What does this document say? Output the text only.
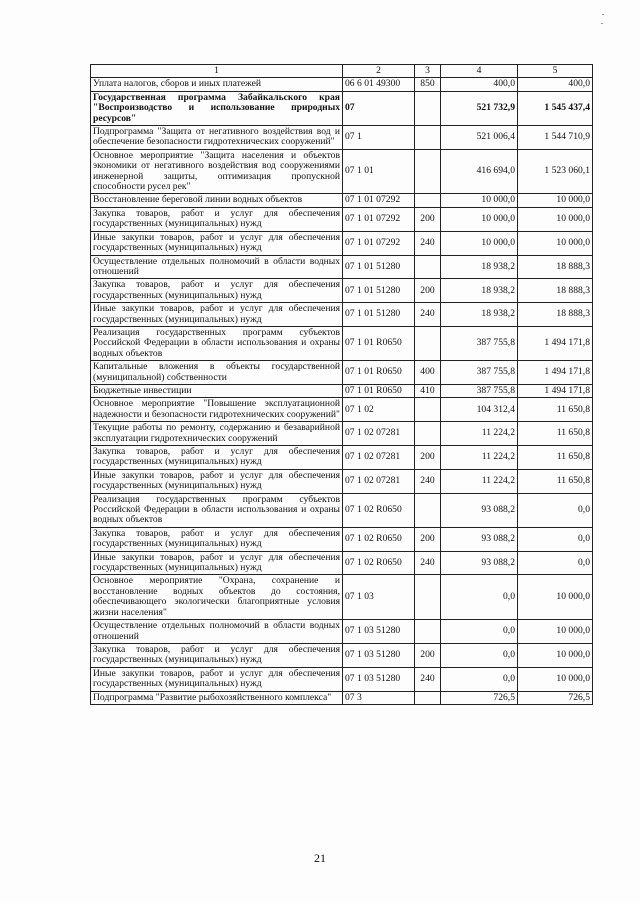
1	2	3	4	5
Уплата налогов, сборов и иных платежей	06 6 01 49300	850	400,0	400,0
Государственная программа Забайкальского края "Воспроизводство и использование природных ресурсов"	07		521 732,9	1 545 437,4
Подпрограмма "Защита от негативного воздействия вод и обеспечение безопасности гидротехнических сооружений"	07 1		521 006,4	1 544 710,9
Основное мероприятие "Защита населения и объектов экономики от негативного воздействия вод сооружениями инженерной защиты, оптимизация пропускной способности русел рек"	07 1 01		416 694,0	1 523 060,1
Восстановление береговой линии водных объектов	07 1 01 07292		10 000,0	10 000,0
Закупка товаров, работ и услуг для обеспечения государственных (муниципальных) нужд	07 1 01 07292	200	10 000,0	10 000,0
Иные закупки товаров, работ и услуг для обеспечения государственных (муниципальных) нужд	07 1 01 07292	240	10 000,0	10 000,0
Осуществление отдельных полномочий в области водных отношений	07 1 01 51280		18 938,2	18 888,3
Закупка товаров, работ и услуг для обеспечения государственных (муниципальных) нужд	07 1 01 51280	200	18 938,2	18 888,3
Иные закупки товаров, работ и услуг для обеспечения государственных (муниципальных) нужд	07 1 01 51280	240	18 938,2	18 888,3
Реализация государственных программ субъектов Российской Федерации в области использования и охраны водных объектов	07 1 01 R0650		387 755,8	1 494 171,8
Капитальные вложения в объекты государственной (муниципальной) собственности	07 1 01 R0650	400	387 755,8	1 494 171,8
Бюджетные инвестиции	07 1 01 R0650	410	387 755,8	1 494 171,8
Основное мероприятие "Повышение эксплуатационной надежности и безопасности гидротехнических сооружений"	07 1 02		104 312,4	11 650,8
Текущие работы по ремонту, содержанию и безаварийной эксплуатации гидротехнических сооружений	07 1 02 07281		11 224,2	11 650,8
Закупка товаров, работ и услуг для обеспечения государственных (муниципальных) нужд	07 1 02 07281	200	11 224,2	11 650,8
Иные закупки товаров, работ и услуг для обеспечения государственных (муниципальных) нужд	07 1 02 07281	240	11 224,2	11 650,8
Реализация государственных программ субъектов Российской Федерации в области использования и охраны водных объектов	07 1 02 R0650		93 088,2	0,0
Закупка товаров, работ и услуг для обеспечения государственных (муниципальных) нужд	07 1 02 R0650	200	93 088,2	0,0
Иные закупки товаров, работ и услуг для обеспечения государственных (муниципальных) нужд	07 1 02 R0650	240	93 088,2	0,0
Основное мероприятие "Охрана, сохранение и восстановление водных объектов до состояния, обеспечивающего экологически благоприятные условия жизни населения"	07 1 03		0,0	10 000,0
Осуществление отдельных полномочий в области водных отношений	07 1 03 51280		0,0	10 000,0
Закупка товаров, работ и услуг для обеспечения государственных (муниципальных) нужд	07 1 03 51280	200	0,0	10 000,0
Иные закупки товаров, работ и услуг для обеспечения государственных (муниципальных) нужд	07 1 03 51280	240	0,0	10 000,0
Подпрограмма "Развитие рыбохозяйственного комплекса"	07 3		726,5	726,5
21
